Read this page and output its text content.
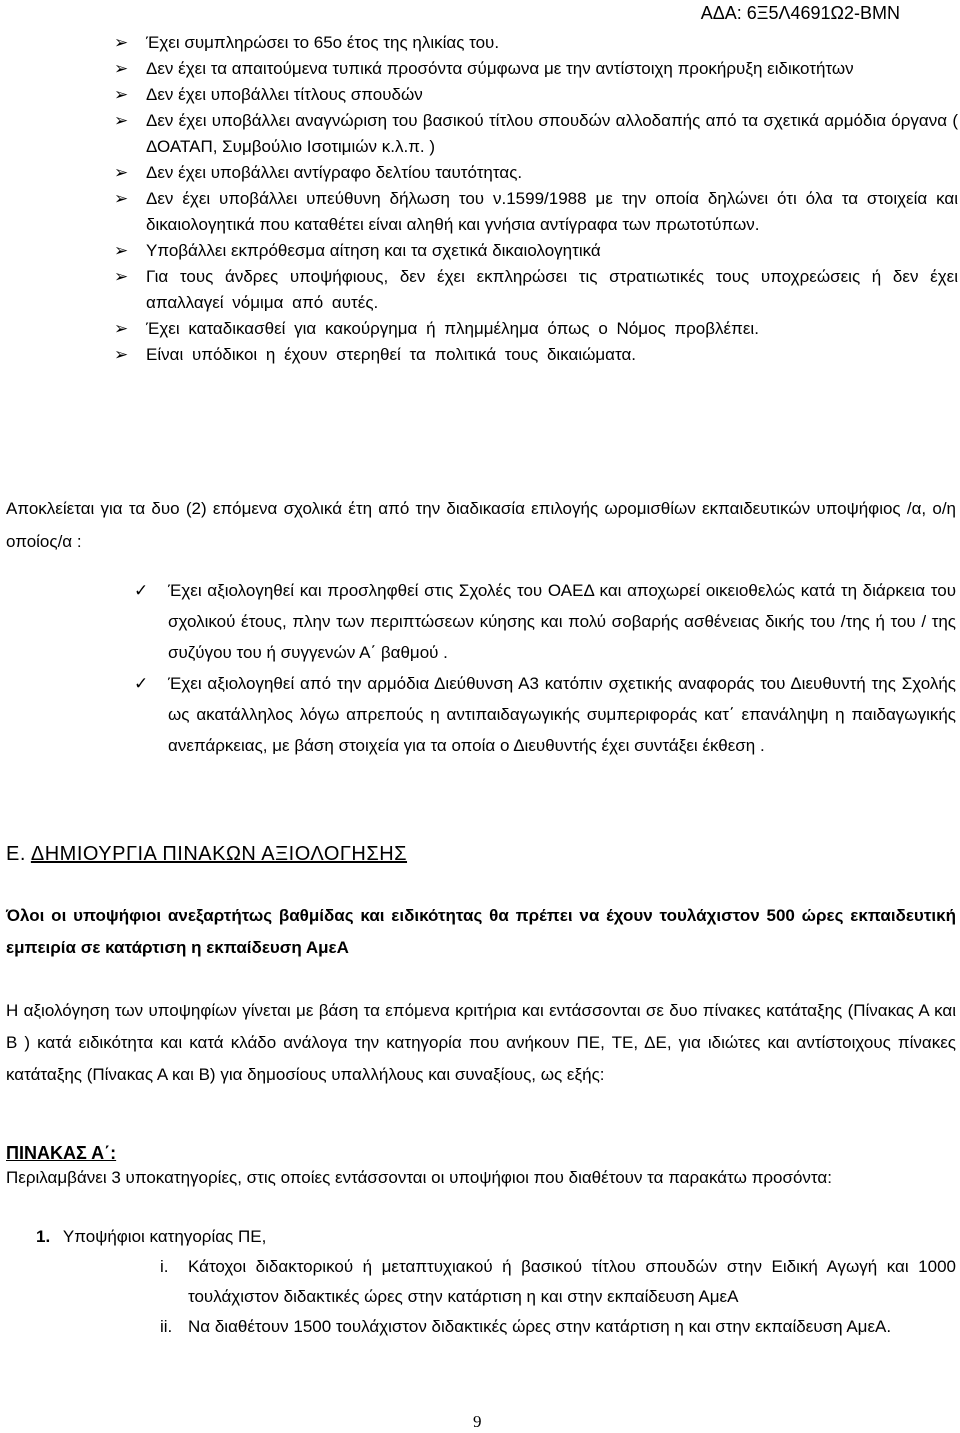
ΑΔΑ: 6Ξ5Λ4691Ω2-ΒΜΝ
➢	Έχει συμπληρώσει το 65ο έτος της ηλικίας του.
➢	Δεν έχει τα απαιτούμενα τυπικά προσόντα σύμφωνα με την αντίστοιχη προκήρυξη ειδικοτήτων
➢	Δεν έχει υποβάλλει τίτλους σπουδών
➢	Δεν έχει υποβάλλει αναγνώριση του βασικού τίτλου σπουδών αλλοδαπής από τα σχετικά αρμόδια όργανα ( ΔΟΑΤΑΠ, Συμβούλιο Ισοτιμιών κ.λ.π. )
➢	Δεν έχει υποβάλλει αντίγραφο δελτίου ταυτότητας.
➢	Δεν έχει υποβάλλει υπεύθυνη δήλωση του ν.1599/1988 με την οποία δηλώνει ότι όλα τα στοιχεία και δικαιολογητικά που καταθέτει είναι αληθή και γνήσια αντίγραφα των πρωτοτύπων.
➢	Υποβάλλει εκπρόθεσμα αίτηση και τα σχετικά δικαιολογητικά
➢	Για τους άνδρες υποψήφιους, δεν έχει εκπληρώσει τις στρατιωτικές τους υποχρεώσεις ή δεν έχει απαλλαγεί νόμιμα από αυτές.
➢	Έχει καταδικασθεί για κακούργημα ή πλημμέλημα όπως ο Νόμος προβλέπει.
➢	Είναι υπόδικοι η έχουν στερηθεί τα πολιτικά τους δικαιώματα.

Αποκλείεται για τα δυο (2) επόμενα σχολικά έτη από την διαδικασία επιλογής ωρομισθίων εκπαιδευτικών υποψήφιος /α, ο/η οποίος/α :

✓ Έχει αξιολογηθεί και προσληφθεί στις Σχολές του ΟΑΕΔ και αποχωρεί οικειοθελώς κατά τη διάρκεια του σχολικού έτους, πλην των περιπτώσεων κύησης και πολύ σοβαρής ασθένειας δικής του /της ή του / της συζύγου του ή συγγενών Α΄ βαθμού .
✓ Έχει αξιολογηθεί από την αρμόδια Διεύθυνση Α3 κατόπιν σχετικής αναφοράς του Διευθυντή της Σχολής ως ακατάλληλος λόγω απρεπούς η αντιπαιδαγωγικής συμπεριφοράς κατ΄ επανάληψη η παιδαγωγικής ανεπάρκειας, με βάση στοιχεία για τα οποία ο Διευθυντής έχει συντάξει έκθεση .
Ε. ΔΗΜΙΟΥΡΓΙΑ ΠΙΝΑΚΩΝ ΑΞΙΟΛΟΓΗΣΗΣ

Όλοι οι υποψήφιοι ανεξαρτήτως βαθμίδας και ειδικότητας θα πρέπει να έχουν τουλάχιστον 500 ώρες εκπαιδευτική εμπειρία σε κατάρτιση η εκπαίδευση ΑμεΑ

Η αξιολόγηση των υποψηφίων γίνεται με βάση τα επόμενα κριτήρια και εντάσσονται σε δυο πίνακες κατάταξης (Πίνακας Α και Β ) κατά ειδικότητα και κατά κλάδο ανάλογα την κατηγορία που ανήκουν ΠΕ, ΤΕ, ΔΕ, για ιδιώτες και αντίστοιχους πίνακες κατάταξης (Πίνακας Α και Β) για δημοσίους υπαλλήλους και συναξίους, ως εξής:

ΠΙΝΑΚΑΣ Α΄:

Περιλαμβάνει 3 υποκατηγορίες, στις οποίες εντάσσονται οι υποψήφιοι που διαθέτουν τα παρακάτω προσόντα:

1. Υποψήφιοι κατηγορίας ΠΕ,
i. Κάτοχοι διδακτορικού ή μεταπτυχιακού ή βασικού τίτλου σπουδών στην Ειδική Αγωγή και 1000 τουλάχιστον διδακτικές ώρες στην κατάρτιση η και στην εκπαίδευση ΑμεΑ
ii. Να διαθέτουν 1500 τουλάχιστον διδακτικές ώρες στην κατάρτιση η και στην εκπαίδευση ΑμεΑ.
9
